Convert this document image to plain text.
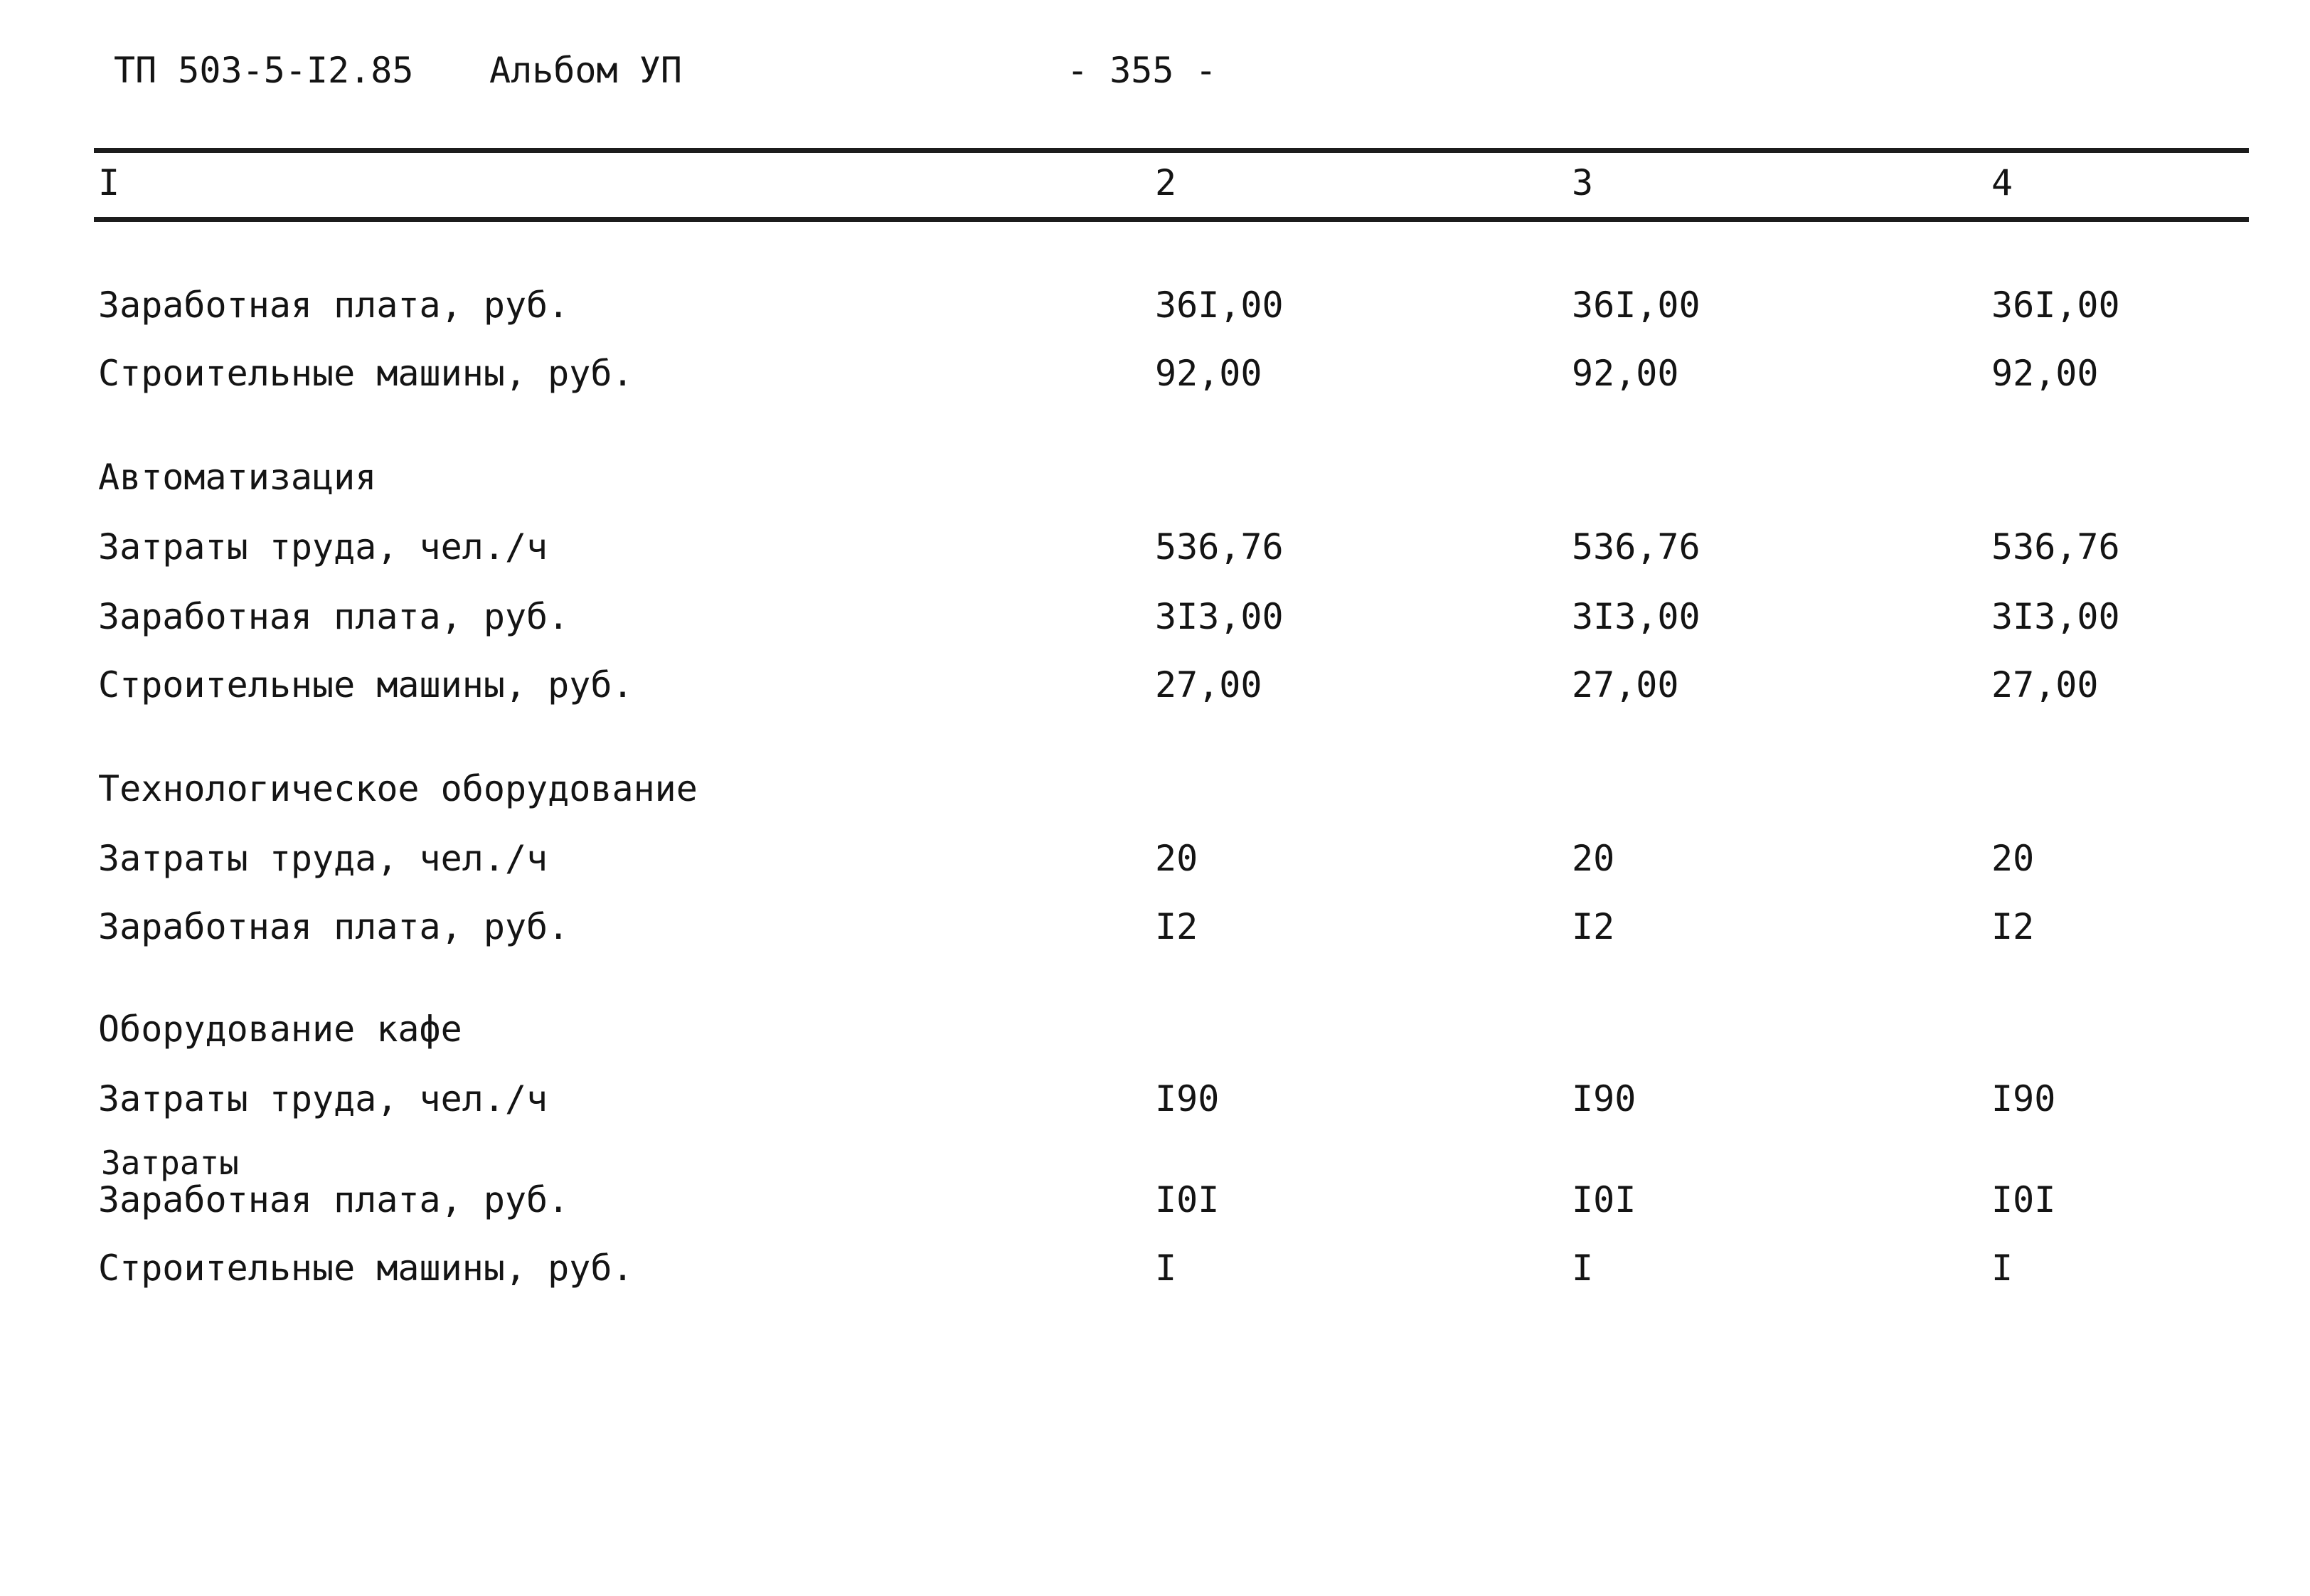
ТП 503-5-I2.85 Альбом УП	- 355 -
I	2	3	4
Заработная плата, руб.	36I,00	36I,00	36I,00
Строительные машины, руб.	92,00	92,00	92,00
Автоматизация
Затраты труда, чел./ч	536,76	536,76	536,76
Заработная плата, руб.	3I3,00	3I3,00	3I3,00
Строительные машины, руб.	27,00	27,00	27,00
Технологическое оборудование
Затраты труда, чел./ч	20	20	20
Заработная плата, руб.	I2	I2	I2
Оборудование кафе
Затраты труда, чел./ч	I90	I90	I90
Затраты
Заработная плата, руб.	I0I	I0I	I0I
Строительные машины, руб.	I	I	I
